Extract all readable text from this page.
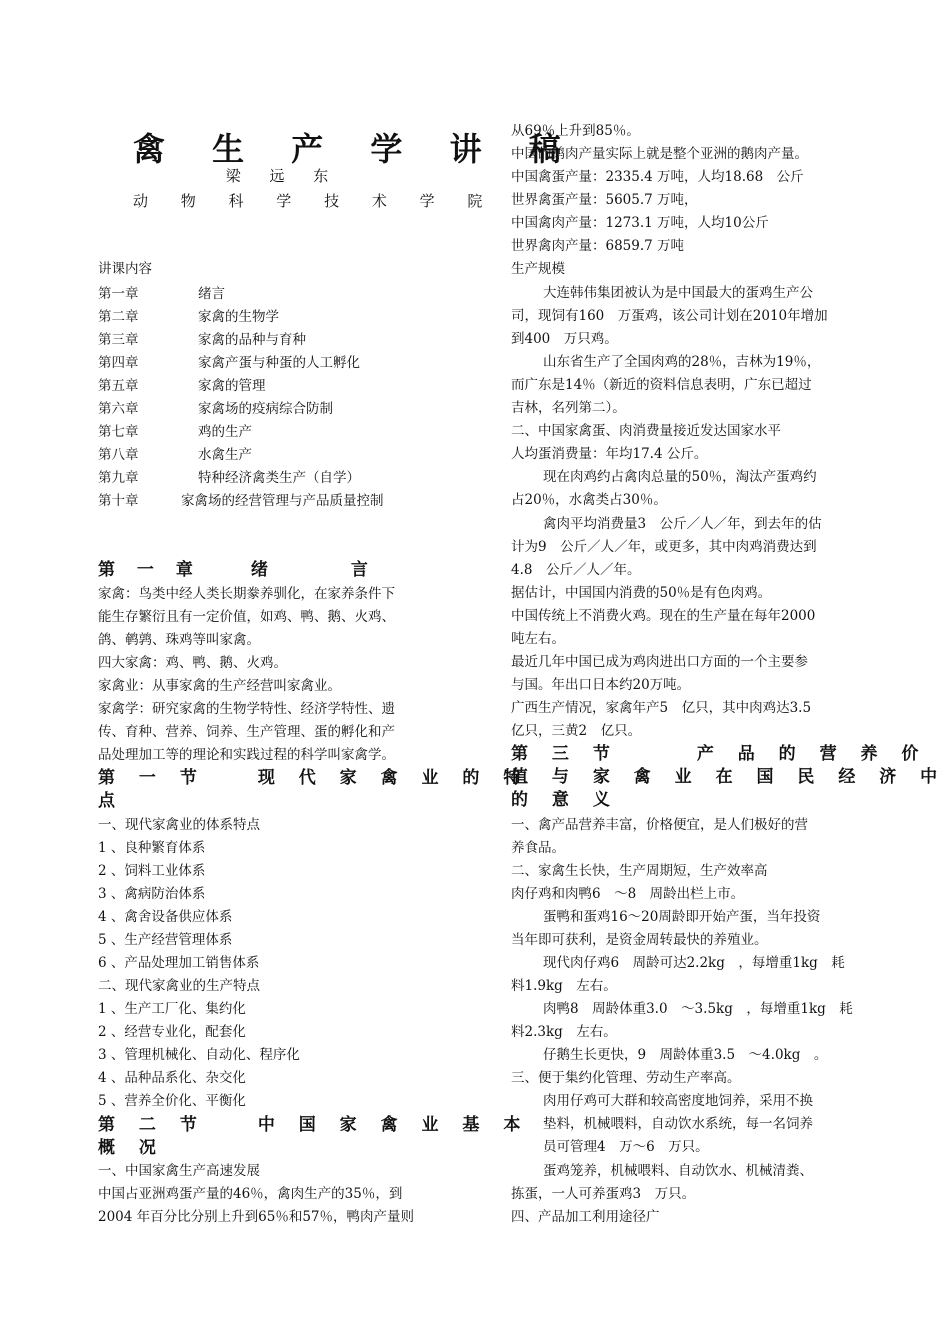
禽 生 产 学 讲 稿
梁 远 东
动 物 科 学 技 术 学 院
讲课内容
第一章	绪言
第二章	家禽的生物学
第三章	家禽的品种与育种
第四章	家禽产蛋与种蛋的人工孵化
第五章	家禽的管理
第六章	家禽场的疫病综合防制
第七章	鸡的生产
第八章	水禽生产
第九章	特种经济禽类生产（自学）
第十章	家禽场的经营管理与产品质量控制
第 一 章　　绪　　　言
家禽：鸟类中经人类长期豢养驯化，在家养条件下
能生存繁衍且有一定价值，如鸡、鸭、鹅、火鸡、
鸽、鹌鹑、珠鸡等叫家禽。
四大家禽：鸡、鸭、鹅、火鸡。
家禽业：从事家禽的生产经营叫家禽业。
家禽学：研究家禽的生物学特性、经济学特性、遗
传、育种、营养、饲养、生产管理、蛋的孵化和产
品处理加工等的理论和实践过程的科学叫家禽学。
第 一 节　　现 代 家 禽 业 的 特
点
一、现代家禽业的体系特点
1 、良种繁育体系
2 、饲料工业体系
3 、禽病防治体系
4 、禽舍设备供应体系
5 、生产经营管理体系
6 、产品处理加工销售体系
二、现代家禽业的生产特点
1 、生产工厂化、集约化
2 、经营专业化，配套化
3 、管理机械化、自动化、程序化
4 、品种品系化、杂交化
5 、营养全价化、平衡化
第 二 节　　中 国 家 禽 业 基 本
概 况
一、中国家禽生产高速发展
中国占亚洲鸡蛋产量的46％，禽肉生产的35％，到
2004 年百分比分别上升到65％和57％，鸭肉产量则
从69％上升到85％。
中国的鹅肉产量实际上就是整个亚洲的鹅肉产量。
中国禽蛋产量：2335.4 万吨，人均18.68　公斤
世界禽蛋产量：5605.7 万吨，
中国禽肉产量：1273.1 万吨，人均10公斤
世界禽肉产量：6859.7 万吨
生产规模
大连韩伟集团被认为是中国最大的蛋鸡生产公
司，现饲有160　万蛋鸡，该公司计划在2010年增加
到400　万只鸡。
山东省生产了全国肉鸡的28％，吉林为19％，
而广东是14％（新近的资料信息表明，广东已超过
吉林，名列第二）。
二、中国家禽蛋、肉消费量接近发达国家水平
人均蛋消费量：年均17.4 公斤。
现在肉鸡约占禽肉总量的50％，淘汰产蛋鸡约
占20％，水禽类占30％。
禽肉平均消费量3　公斤／人／年，到去年的估
计为9　公斤／人／年，或更多，其中肉鸡消费达到
4.8　公斤／人／年。
据估计，中国国内消费的50％是有色肉鸡。
中国传统上不消费火鸡。现在的生产量在每年2000
吨左右。
最近几年中国已成为鸡肉进出口方面的一个主要参
与国。年出口日本约20万吨。
广西生产情况，家禽年产5　亿只，其中肉鸡达3.5
亿只，三黄2　亿只。
第 三 节　　　产 品 的 营 养 价
值 与 家 禽 业 在 国 民 经 济 中
的 意 义
一、禽产品营养丰富，价格便宜，是人们极好的营
养食品。
二、家禽生长快，生产周期短，生产效率高
肉仔鸡和肉鸭6　～8　周龄出栏上市。
蛋鸭和蛋鸡16～20周龄即开始产蛋，当年投资
当年即可获利，是资金周转最快的养殖业。
现代肉仔鸡6　周龄可达2.2kg　，每增重1kg　耗
料1.9kg　左右。
肉鸭8　周龄体重3.0　～3.5kg　，每增重1kg　耗
料2.3kg　左右。
仔鹅生长更快，9　周龄体重3.5　～4.0kg　。
三、便于集约化管理、劳动生产率高。
肉用仔鸡可大群和较高密度地饲养，采用不换
垫料，机械喂料，自动饮水系统，每一名饲养
员可管理4　万～6　万只。
蛋鸡笼养，机械喂料、自动饮水、机械清粪、
拣蛋，一人可养蛋鸡3　万只。
四、产品加工利用途径广
